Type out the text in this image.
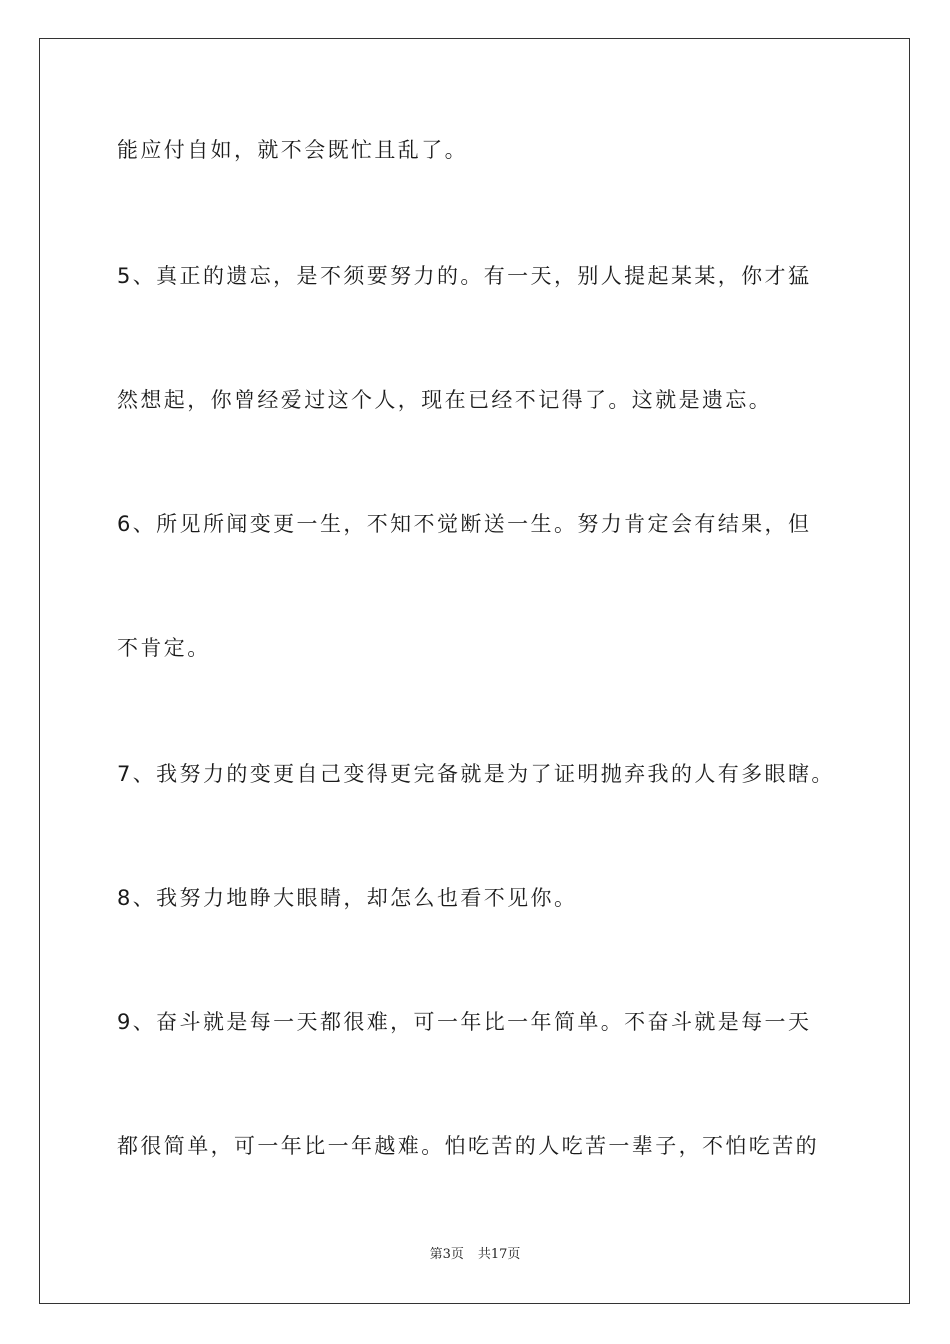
能应付自如，就不会既忙且乱了。
5、真正的遗忘，是不须要努力的。有一天，别人提起某某，你才猛
然想起，你曾经爱过这个人，现在已经不记得了。这就是遗忘。
6、所见所闻变更一生，不知不觉断送一生。努力肯定会有结果，但
不肯定。
7、我努力的变更自己变得更完备就是为了证明抛弃我的人有多眼瞎。
8、我努力地睁大眼睛，却怎么也看不见你。
9、奋斗就是每一天都很难，可一年比一年简单。不奋斗就是每一天
都很简单，可一年比一年越难。怕吃苦的人吃苦一辈子，不怕吃苦的
第3页 共17页
